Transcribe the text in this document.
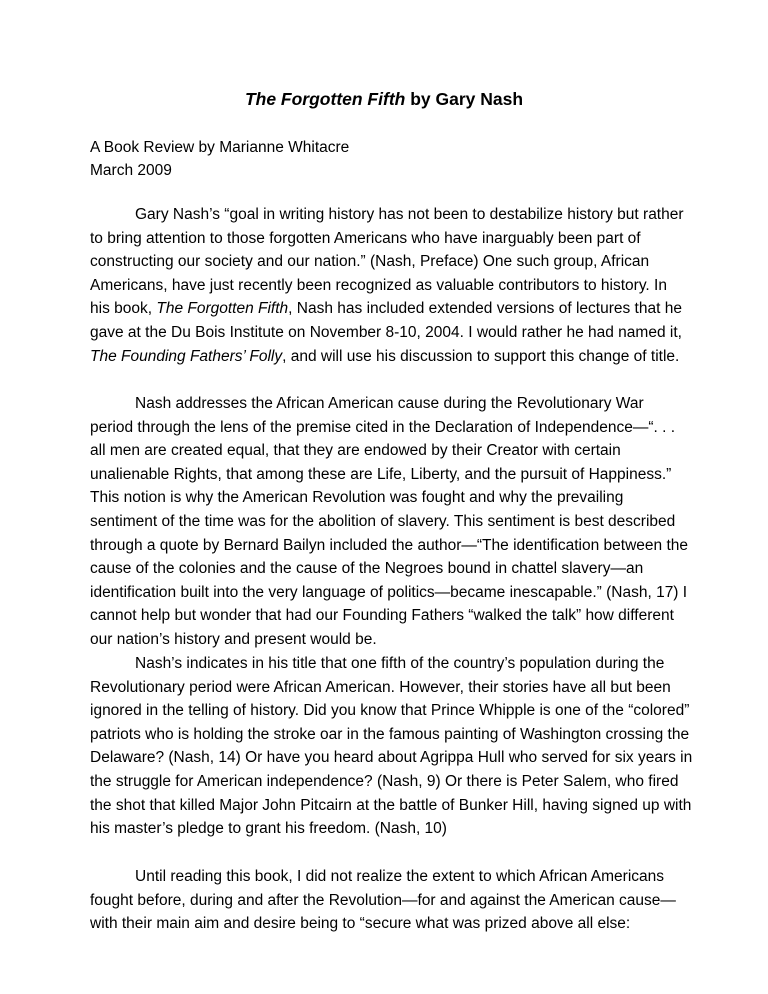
The Forgotten Fifth by Gary Nash
A Book Review by Marianne Whitacre
March 2009
Gary Nash’s “goal in writing history has not been to destabilize history but rather
to bring attention to those forgotten Americans who have inarguably been part of
constructing our society and our nation.” (Nash, Preface) One such group, African
Americans, have just recently been recognized as valuable contributors to history. In
his book, The Forgotten Fifth, Nash has included extended versions of lectures that he
gave at the Du Bois Institute on November 8-10, 2004. I would rather he had named it,
The Founding Fathers’ Folly, and will use his discussion to support this change of title.
Nash addresses the African American cause during the Revolutionary War
period through the lens of the premise cited in the Declaration of Independence—“. . .
all men are created equal, that they are endowed by their Creator with certain
unalienable Rights, that among these are Life, Liberty, and the pursuit of Happiness.”
This notion is why the American Revolution was fought and why the prevailing
sentiment of the time was for the abolition of slavery. This sentiment is best described
through a quote by Bernard Bailyn included the author—“The identification between the
cause of the colonies and the cause of the Negroes bound in chattel slavery—an
identification built into the very language of politics—became inescapable.” (Nash, 17) I
cannot help but wonder that had our Founding Fathers “walked the talk” how different
our nation’s history and present would be.
Nash’s indicates in his title that one fifth of the country’s population during the
Revolutionary period were African American. However, their stories have all but been
ignored in the telling of history. Did you know that Prince Whipple is one of the “colored”
patriots who is holding the stroke oar in the famous painting of Washington crossing the
Delaware? (Nash, 14) Or have you heard about Agrippa Hull who served for six years in
the struggle for American independence? (Nash, 9) Or there is Peter Salem, who fired
the shot that killed Major John Pitcairn at the battle of Bunker Hill, having signed up with
his master’s pledge to grant his freedom. (Nash, 10)
Until reading this book, I did not realize the extent to which African Americans
fought before, during and after the Revolution—for and against the American cause—
with their main aim and desire being to “secure what was prized above all else:
